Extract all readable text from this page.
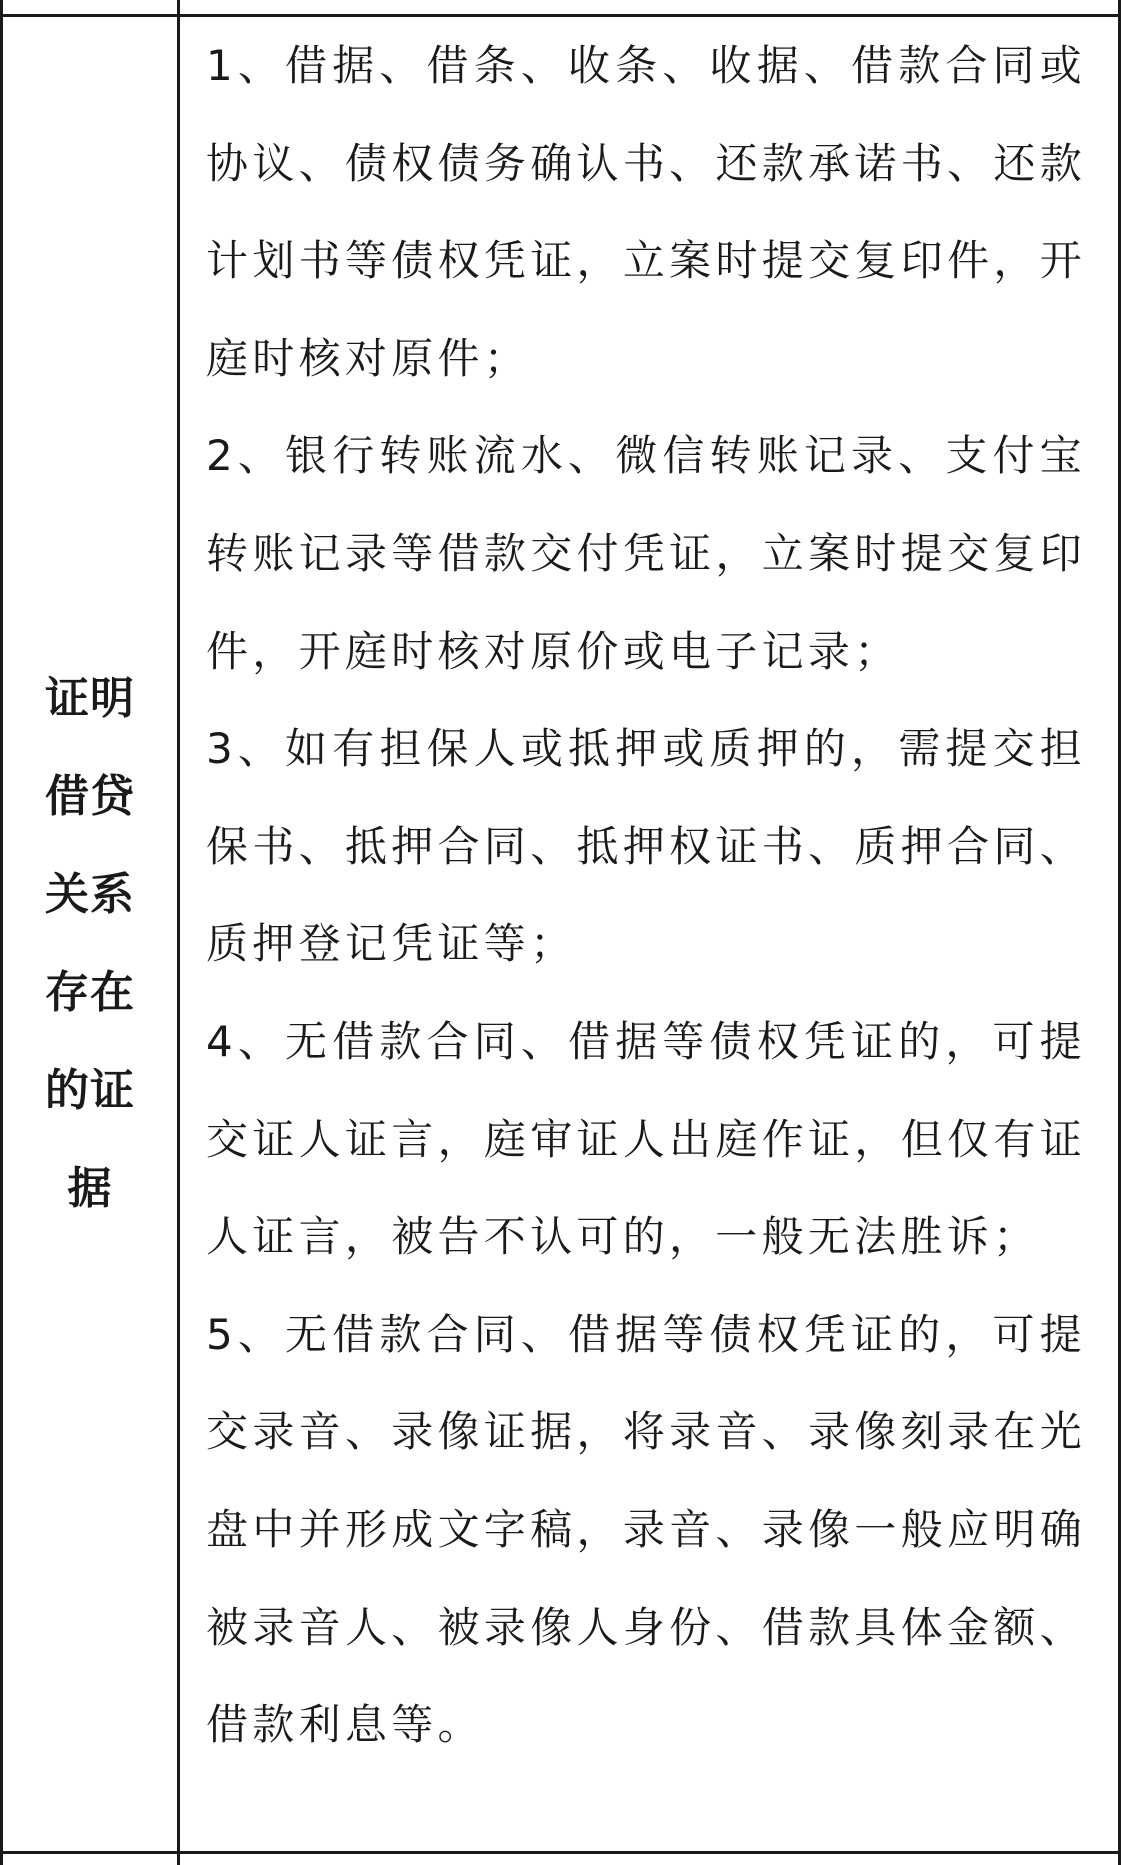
证明借贷关系存在的证据

1、借据、借条、收条、收据、借款合同或协议、债权债务确认书、还款承诺书、还款计划书等债权凭证，立案时提交复印件，开庭时核对原件；

2、银行转账流水、微信转账记录、支付宝转账记录等借款交付凭证，立案时提交复印件，开庭时核对原价或电子记录；

3、如有担保人或抵押或质押的，需提交担保书、抵押合同、抵押权证书、质押合同、质押登记凭证等；

4、无借款合同、借据等债权凭证的，可提交证人证言，庭审证人出庭作证，但仅有证人证言，被告不认可的，一般无法胜诉；

5、无借款合同、借据等债权凭证的，可提交录音、录像证据，将录音、录像刻录在光盘中并形成文字稿，录音、录像一般应明确被录音人、被录像人身份、借款具体金额、借款利息等。
